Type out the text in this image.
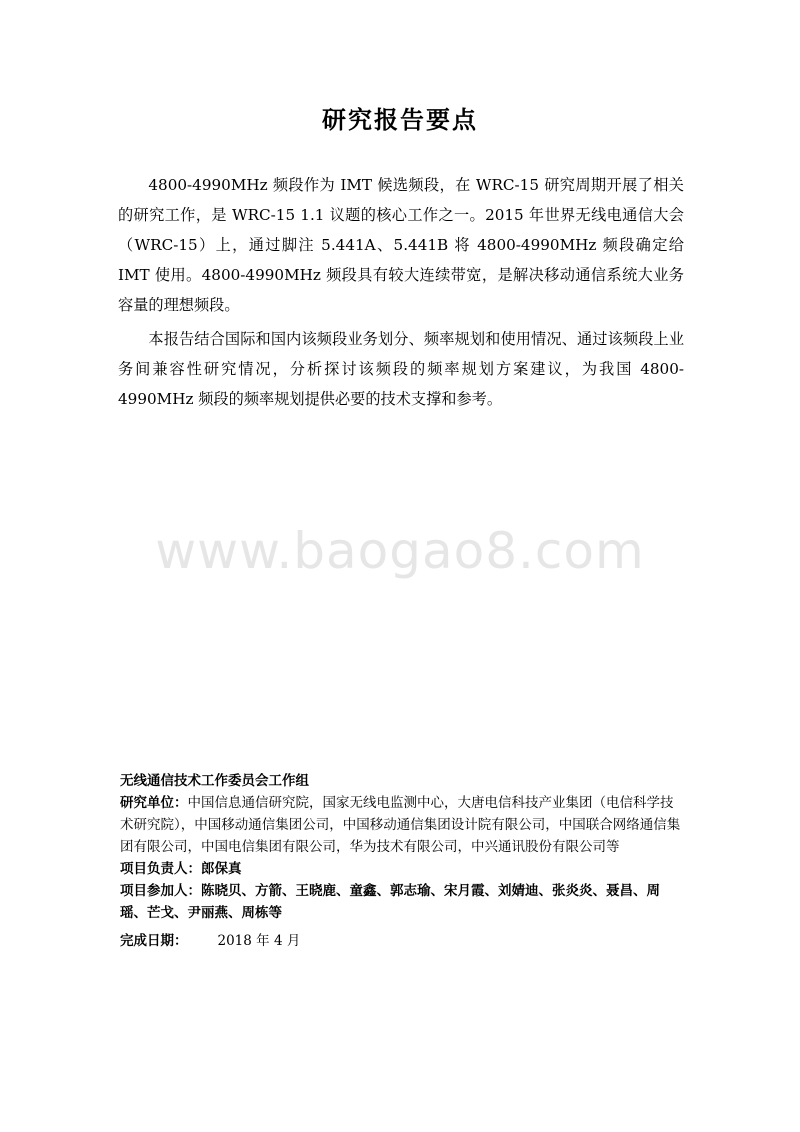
研究报告要点

4800-4990MHz 频段作为 IMT 候选频段，在 WRC-15 研究周期开展了相关的研究工作，是 WRC-15 1.1 议题的核心工作之一。2015 年世界无线电通信大会（WRC-15）上，通过脚注 5.441A、5.441B 将 4800-4990MHz 频段确定给 IMT 使用。4800-4990MHz 频段具有较大连续带宽，是解决移动通信系统大业务容量的理想频段。

本报告结合国际和国内该频段业务划分、频率规划和使用情况、通过该频段上业务间兼容性研究情况，分析探讨该频段的频率规划方案建议，为我国 4800-4990MHz 频段的频率规划提供必要的技术支撑和参考。

www.baogao8.com

无线通信技术工作委员会工作组

研究单位：中国信息通信研究院，国家无线电监测中心，大唐电信科技产业集团（电信科学技术研究院），中国移动通信集团公司，中国移动通信集团设计院有限公司，中国联合网络通信集团有限公司，中国电信集团有限公司，华为技术有限公司，中兴通讯股份有限公司等

项目负责人：郎保真

项目参加人：陈晓贝、方箭、王晓鹿、童鑫、郭志瑜、宋月霞、刘婧迪、张炎炎、聂昌、周瑶、芒戈、尹丽燕、周栋等

完成日期： 2018 年 4 月
